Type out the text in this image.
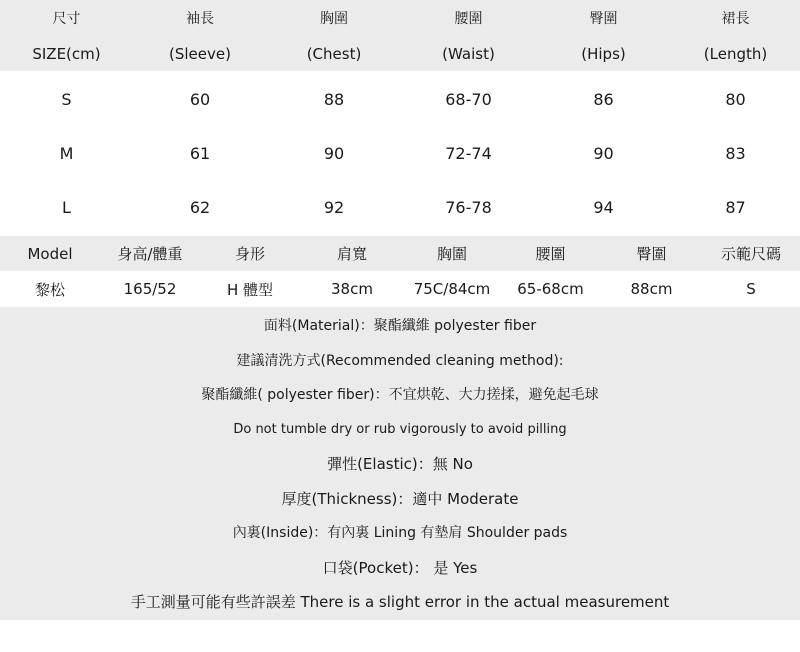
尺寸	袖長	胸圍	腰圍	臀圍	裙長
SIZE(cm)	(Sleeve)	(Chest)	(Waist)	(Hips)	(Length)
S	60	88	68-70	86	80
M	61	90	72-74	90	83
L	62	92	76-78	94	87
Model	身高/體重	身形	肩寬	胸圍	腰圍	臀圍	示範尺碼
黎松	165/52	H 體型	38cm	75C/84cm	65-68cm	88cm	S
面料(Material)：聚酯纖維 polyester fiber
建議清洗方式(Recommended cleaning method):
聚酯纖維( polyester fiber)：不宜烘乾、大力搓揉，避免起毛球
Do not tumble dry or rub vigorously to avoid pilling
彈性(Elastic)：無 No
厚度(Thickness)：適中 Moderate
內裏(Inside)：有內裏 Lining 有墊肩 Shoulder pads
口袋(Pocket)： 是 Yes
手工測量可能有些許誤差 There is a slight error in the actual measurement
